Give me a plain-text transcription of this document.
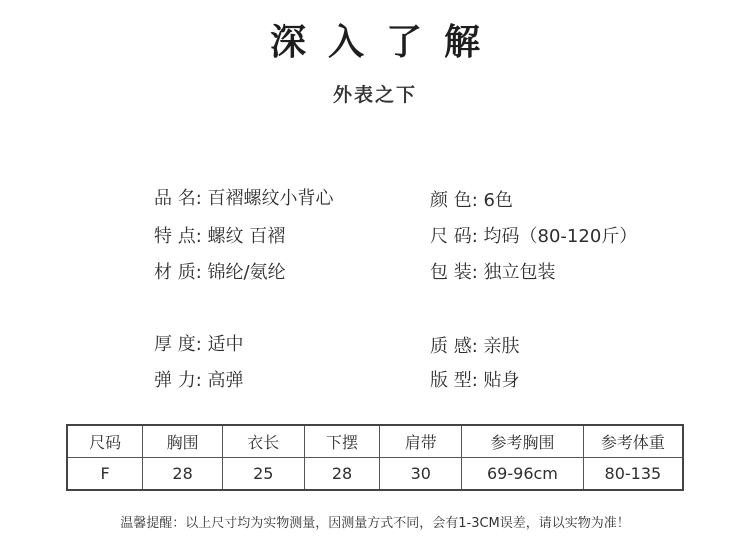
深入了解
外表之下
品 名: 百褶螺纹小背心
特 点: 螺纹 百褶
材 质: 锦纶/氨纶
厚 度: 适中
弹 力: 高弹
颜 色: 6色
尺 码: 均码（80-120斤）
包 装: 独立包装
质 感: 亲肤
版 型: 贴身
尺码	胸围	衣长	下摆	肩带	参考胸围	参考体重
F	28	25	28	30	69-96cm	80-135
温馨提醒：以上尺寸均为实物测量，因测量方式不同，会有1-3CM误差，请以实物为准！
